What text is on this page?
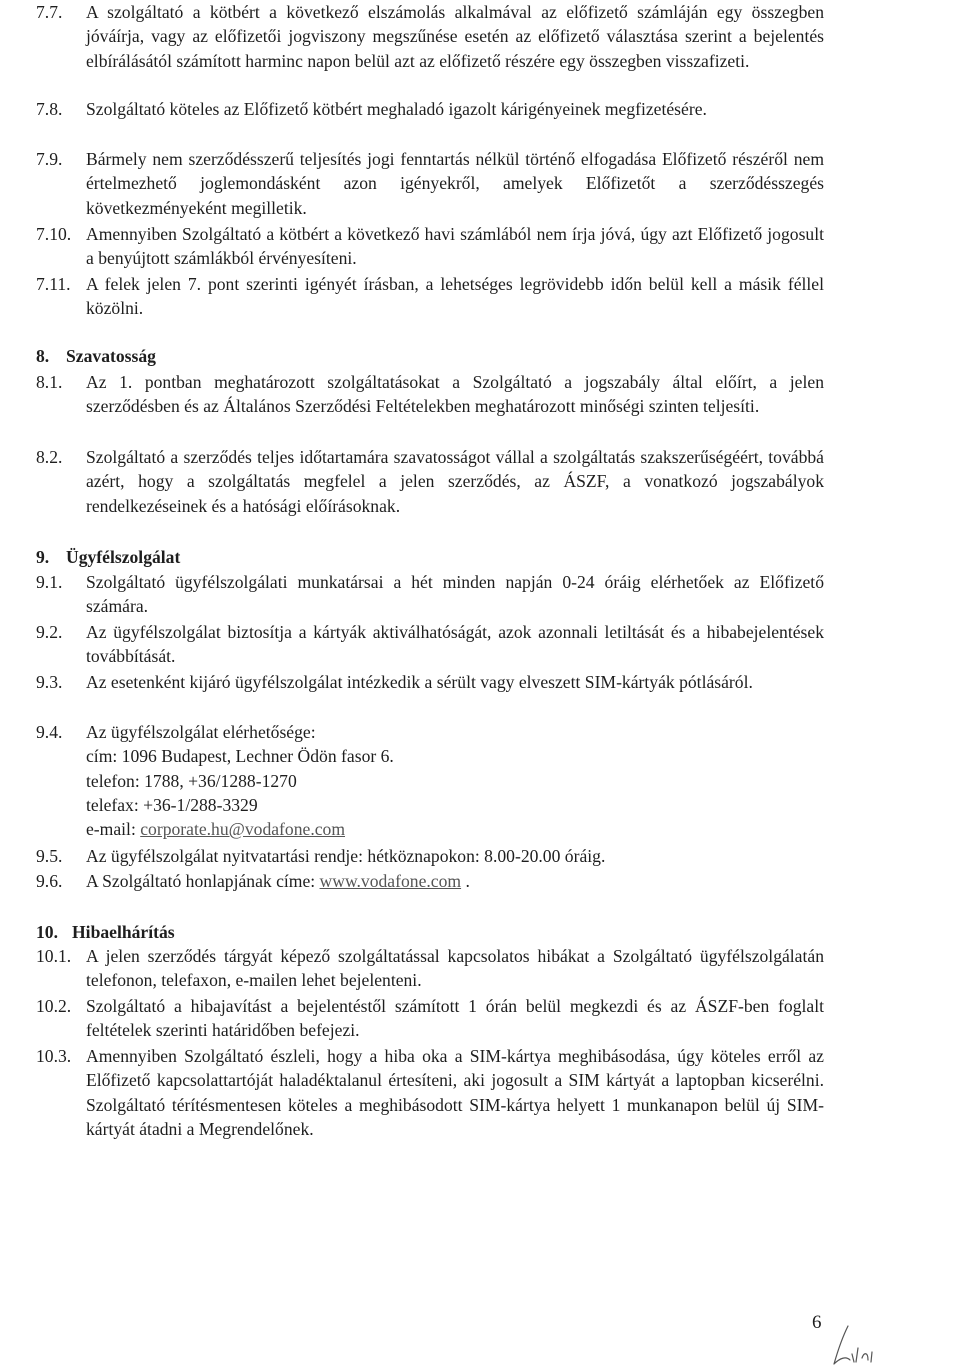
7.7. A szolgáltató a kötbért a következő elszámolás alkalmával az előfizető számláján egy összegben jóváírja, vagy az előfizetői jogviszony megszűnése esetén az előfizető választása szerint a bejelentés elbírálásától számított harminc napon belül azt az előfizető részére egy összegben visszafizeti.
7.8. Szolgáltató köteles az Előfizető kötbért meghaladó igazolt kárigényeinek megfizetésére.
7.9. Bármely nem szerződésszerű teljesítés jogi fenntartás nélkül történő elfogadása Előfizető részéről nem értelmezhető joglemondásként azon igényekről, amelyek Előfizetőt a szerződésszegés következményeként megilletik.
7.10. Amennyiben Szolgáltató a kötbért a következő havi számlából nem írja jóvá, úgy azt Előfizető jogosult a benyújtott számlákból érvényesíteni.
7.11. A felek jelen 7. pont szerinti igényét írásban, a lehetséges legrövidebb időn belül kell a másik féllel közölni.
8. Szavatosság
8.1. Az 1. pontban meghatározott szolgáltatásokat a Szolgáltató a jogszabály által előírt, a jelen szerződésben és az Általános Szerződési Feltételekben meghatározott minőségi szinten teljesíti.
8.2. Szolgáltató a szerződés teljes időtartamára szavatosságot vállal a szolgáltatás szakszerűségéért, továbbá azért, hogy a szolgáltatás megfelel a jelen szerződés, az ÁSZF, a vonatkozó jogszabályok rendelkezéseinek és a hatósági előírásoknak.
9. Ügyfélszolgálat
9.1. Szolgáltató ügyfélszolgálati munkatársai a hét minden napján 0-24 óráig elérhetőek az Előfizető számára.
9.2. Az ügyfélszolgálat biztosítja a kártyák aktiválhatóságát, azok azonnali letiltását és a hibabejelentések továbbítását.
9.3. Az esetenként kijáró ügyfélszolgálat intézkedik a sérült vagy elveszett SIM-kártyák pótlásáról.
9.4. Az ügyfélszolgálat elérhetősége:
cím: 1096 Budapest, Lechner Ödön fasor 6.
telefon: 1788, +36/1288-1270
telefax: +36-1/288-3329
e-mail: corporate.hu@vodafone.com
9.5. Az ügyfélszolgálat nyitvatartási rendje: hétköznapokon: 8.00-20.00 óráig.
9.6. A Szolgáltató honlapjának címe: www.vodafone.com .
10. Hibaelhárítás
10.1. A jelen szerződés tárgyát képező szolgáltatással kapcsolatos hibákat a Szolgáltató ügyfélszolgálatán telefonon, telefaxon, e-mailen lehet bejelenteni.
10.2. Szolgáltató a hibajavítást a bejelentéstől számított 1 órán belül megkezdi és az ÁSZF-ben foglalt feltételek szerinti határidőben befejezi.
10.3. Amennyiben Szolgáltató észleli, hogy a hiba oka a SIM-kártya meghibásodása, úgy köteles erről az Előfizető kapcsolattartóját haladéktalanul értesíteni, aki jogosult a SIM kártyát a laptopban kicserélni. Szolgáltató térítésmentesen köteles a meghibásodott SIM-kártya helyett 1 munkanapon belül új SIM-kártyát átadni a Megrendelőnek.
6
